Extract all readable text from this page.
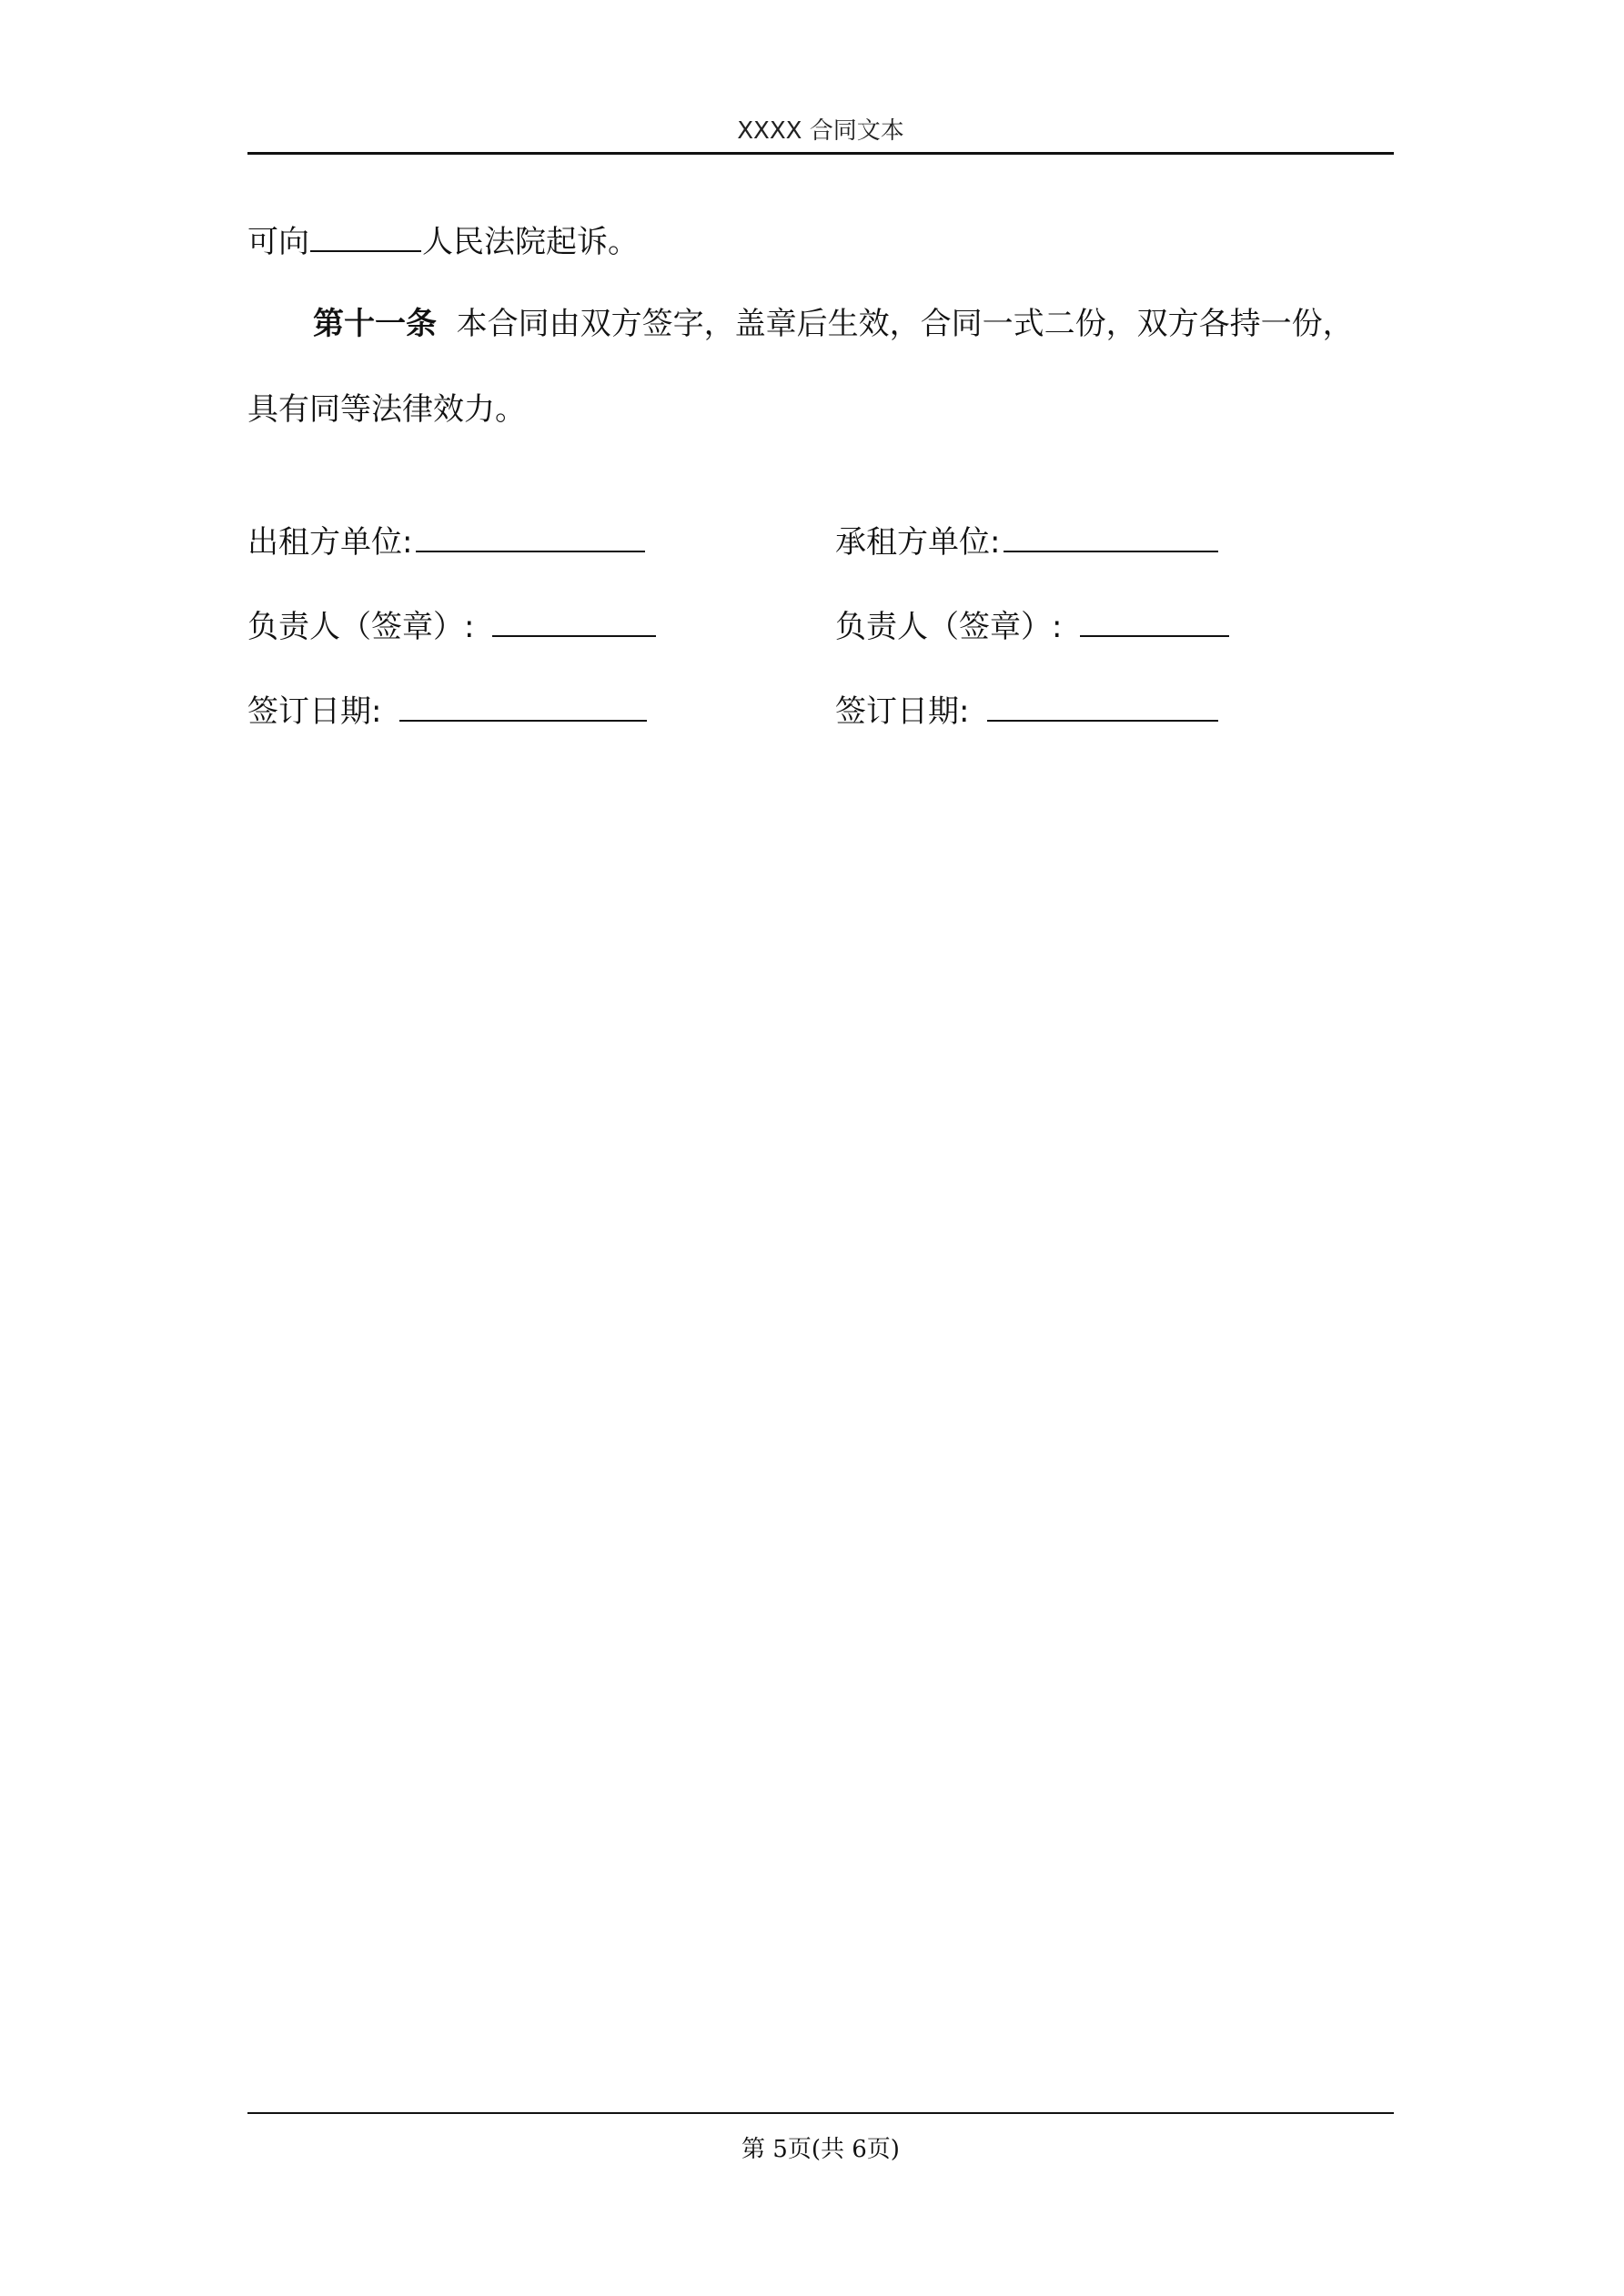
XXXX 合同文本
可向	人民法院起诉。
第十一条 本合同由双方签字，盖章后生效，合同一式二份，双方各持一份，
具有同等法律效力。
出租方单位:	承租方单位:
负责人（签章）:	负责人（签章）:
签订日期:	签订日期:
第 5页(共 6页)
